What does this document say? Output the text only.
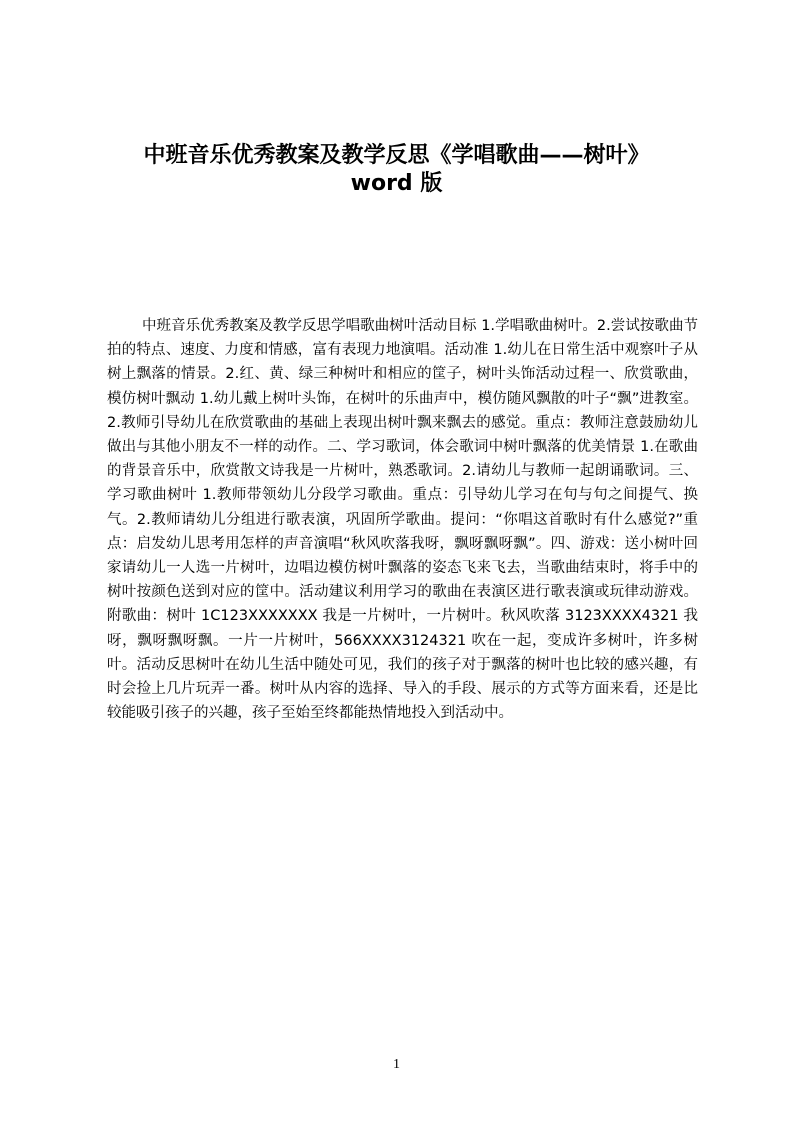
中班音乐优秀教案及教学反思《学唱歌曲——树叶》
word 版

中班音乐优秀教案及教学反思学唱歌曲树叶活动目标 1.学唱歌曲树叶。2.尝试按歌曲节拍的特点、速度、力度和情感，富有表现力地演唱。活动准 1.幼儿在日常生活中观察叶子从树上飘落的情景。2.红、黄、绿三种树叶和相应的筐子，树叶头饰活动过程一、欣赏歌曲，模仿树叶飘动 1.幼儿戴上树叶头饰，在树叶的乐曲声中，模仿随风飘散的叶子“飘”进教室。2.教师引导幼儿在欣赏歌曲的基础上表现出树叶飘来飘去的感觉。重点：教师注意鼓励幼儿做出与其他小朋友不一样的动作。二、学习歌词，体会歌词中树叶飘落的优美情景 1.在歌曲的背景音乐中，欣赏散文诗我是一片树叶，熟悉歌词。2.请幼儿与教师一起朗诵歌词。三、学习歌曲树叶 1.教师带领幼儿分段学习歌曲。重点：引导幼儿学习在句与句之间提气、换气。2.教师请幼儿分组进行歌表演，巩固所学歌曲。提问：“你唱这首歌时有什么感觉?”重点：启发幼儿思考用怎样的声音演唱“秋风吹落我呀，飘呀飘呀飘”。四、游戏：送小树叶回家请幼儿一人选一片树叶，边唱边模仿树叶飘落的姿态飞来飞去，当歌曲结束时，将手中的树叶按颜色送到对应的筐中。活动建议利用学习的歌曲在表演区进行歌表演或玩律动游戏。附歌曲：树叶 1C123XXXXXXX 我是一片树叶，一片树叶。秋风吹落 3123XXXX4321 我呀，飘呀飘呀飘。一片一片树叶，566XXXX3124321 吹在一起，变成许多树叶，许多树叶。活动反思树叶在幼儿生活中随处可见，我们的孩子对于飘落的树叶也比较的感兴趣，有时会捡上几片玩弄一番。树叶从内容的选择、导入的手段、展示的方式等方面来看，还是比较能吸引孩子的兴趣，孩子至始至终都能热情地投入到活动中。

1
